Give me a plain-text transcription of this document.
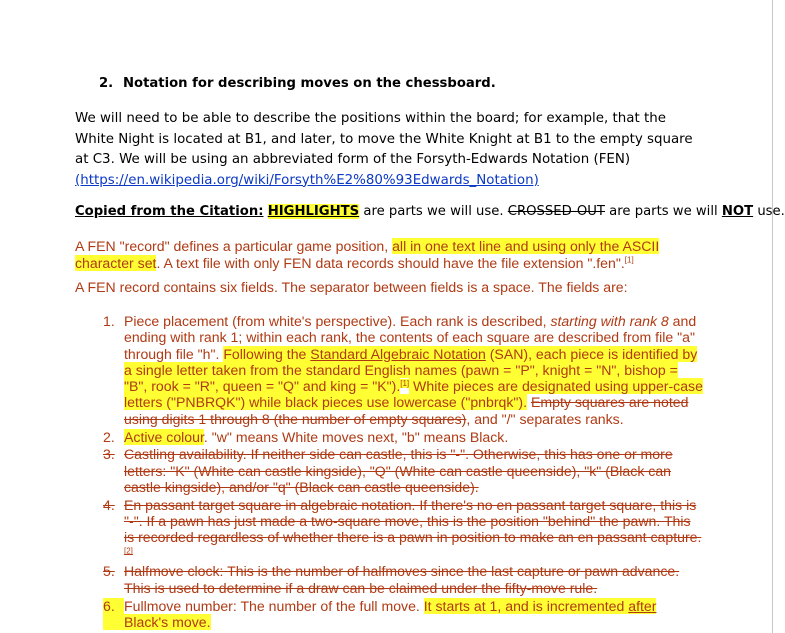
2. Notation for describing moves on the chessboard.

We will need to be able to describe the positions within the board; for example, that the White Night is located at B1, and later, to move the White Knight at B1 to the empty square at C3. We will be using an abbreviated form of the Forsyth-Edwards Notation (FEN)

(https://en.wikipedia.org/wiki/Forsyth%E2%80%93Edwards_Notation)

Copied from the Citation: HIGHLIGHTS are parts we will use. CROSSED-OUT are parts we will NOT use.
A FEN "record" defines a particular game position, all in one text line and using only the ASCII character set. A text file with only FEN data records should have the file extension ".fen".[1]
A FEN record contains six fields. The separator between fields is a space. The fields are:
1. Piece placement (from white's perspective). Each rank is described, starting with rank 8 and ending with rank 1; within each rank, the contents of each square are described from file "a" through file "h". Following the Standard Algebraic Notation (SAN), each piece is identified by a single letter taken from the standard English names (pawn = "P", knight = "N", bishop = "B", rook = "R", queen = "Q" and king = "K").[1] White pieces are designated using upper-case letters ("PNBRQK") while black pieces use lowercase ("pnbrqk"). Empty squares are noted using digits 1 through 8 (the number of empty squares), and "/" separates ranks.
2. Active colour. "w" means White moves next, "b" means Black.
3. Castling availability. If neither side can castle, this is "-". Otherwise, this has one or more letters: "K" (White can castle kingside), "Q" (White can castle queenside), "k" (Black can castle kingside), and/or "q" (Black can castle queenside).
4. En passant target square in algebraic notation. If there's no en passant target square, this is "-". If a pawn has just made a two-square move, this is the position "behind" the pawn. This is recorded regardless of whether there is a pawn in position to make an en passant capture.[2]
5. Halfmove clock: This is the number of halfmoves since the last capture or pawn advance. This is used to determine if a draw can be claimed under the fifty-move rule.
6. Fullmove number: The number of the full move. It starts at 1, and is incremented after
Black's move.
